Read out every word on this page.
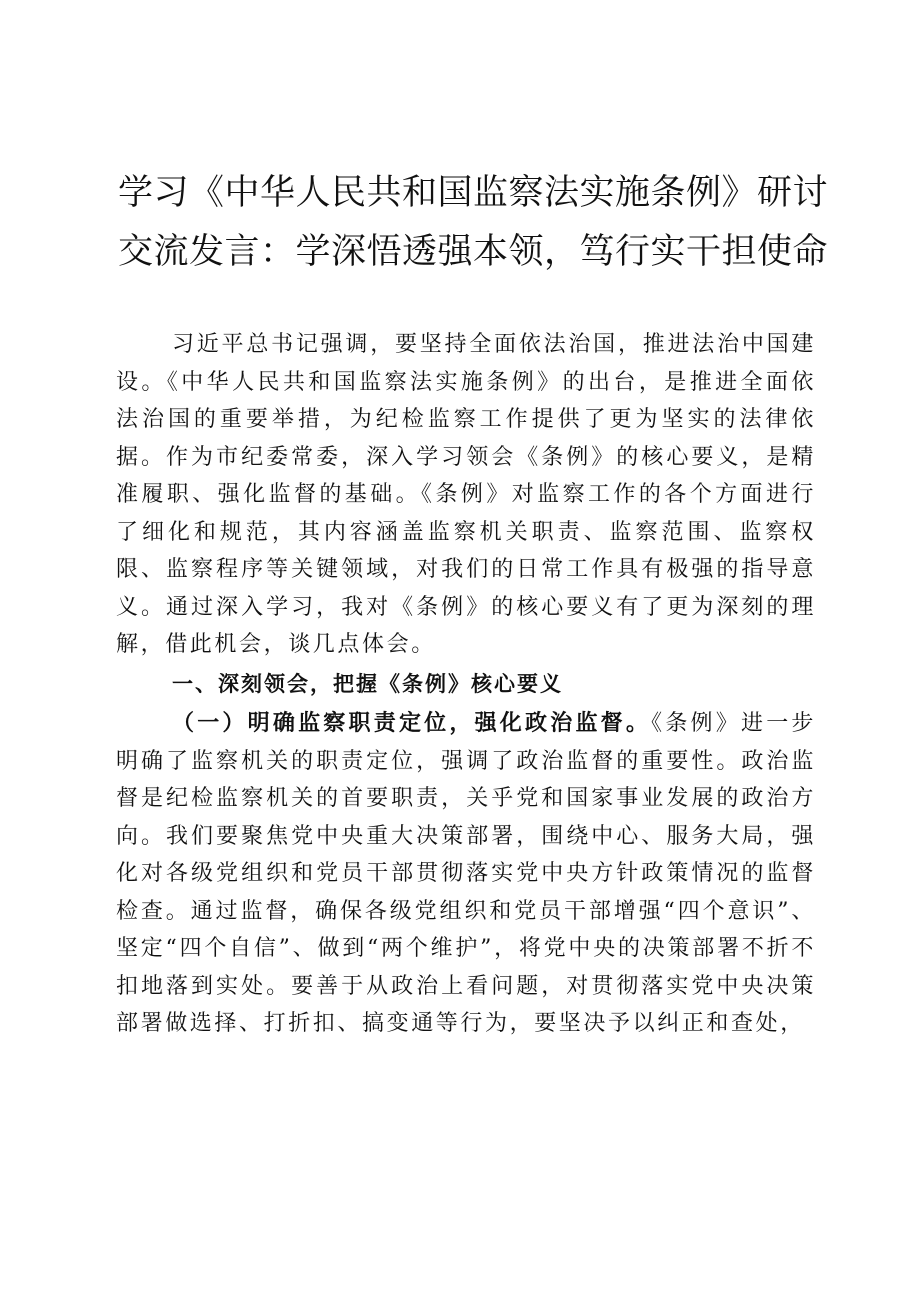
学习《中华人民共和国监察法实施条例》研讨
交流发言：学深悟透强本领，笃行实干担使命

习近平总书记强调，要坚持全面依法治国，推进法治中国建设。《中华人民共和国监察法实施条例》的出台，是推进全面依法治国的重要举措，为纪检监察工作提供了更为坚实的法律依据。作为市纪委常委，深入学习领会《条例》的核心要义，是精准履职、强化监督的基础。《条例》对监察工作的各个方面进行了细化和规范，其内容涵盖监察机关职责、监察范围、监察权限、监察程序等关键领域，对我们的日常工作具有极强的指导意义。通过深入学习，我对《条例》的核心要义有了更为深刻的理解，借此机会，谈几点体会。

一、深刻领会，把握《条例》核心要义

（一）明确监察职责定位，强化政治监督。《条例》进一步明确了监察机关的职责定位，强调了政治监督的重要性。政治监督是纪检监察机关的首要职责，关乎党和国家事业发展的政治方向。我们要聚焦党中央重大决策部署，围绕中心、服务大局，强化对各级党组织和党员干部贯彻落实党中央方针政策情况的监督检查。通过监督，确保各级党组织和党员干部增强“四个意识”、坚定“四个自信”、做到“两个维护”，将党中央的决策部署不折不扣地落到实处。要善于从政治上看问题，对贯彻落实党中央决策部署做选择、打折扣、搞变通等行为，要坚决予以纠正和查处，
